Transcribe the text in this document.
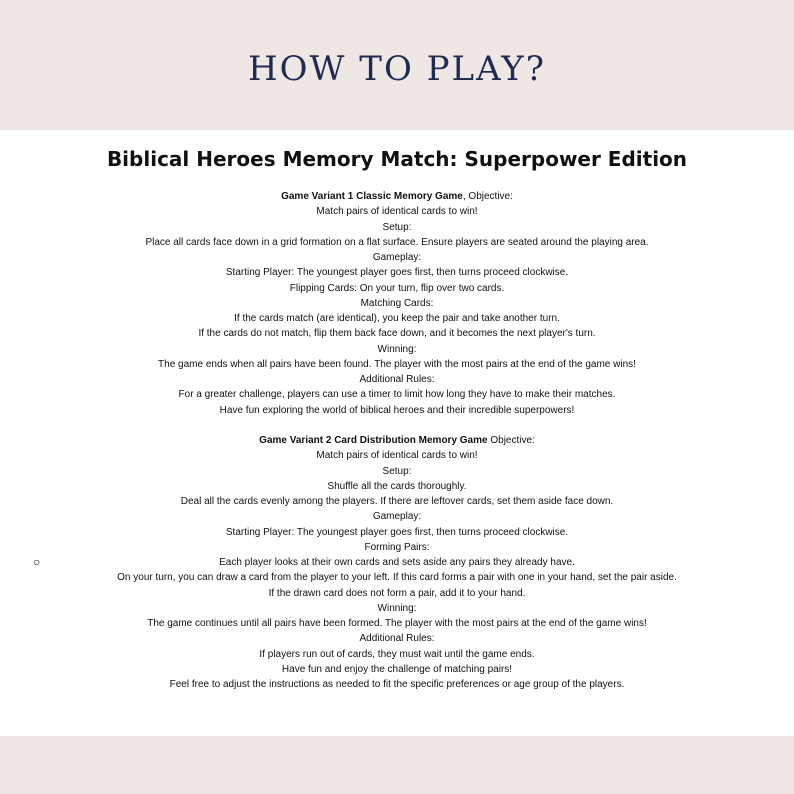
HOW TO PLAY?
Biblical Heroes Memory Match: Superpower Edition
Game Variant 1 Classic Memory Game, Objective:
Match pairs of identical cards to win!
Setup:
Place all cards face down in a grid formation on a flat surface. Ensure players are seated around the playing area.
Gameplay:
Starting Player: The youngest player goes first, then turns proceed clockwise.
Flipping Cards: On your turn, flip over two cards.
Matching Cards:
If the cards match (are identical), you keep the pair and take another turn.
If the cards do not match, flip them back face down, and it becomes the next player's turn.
Winning:
The game ends when all pairs have been found. The player with the most pairs at the end of the game wins!
Additional Rules:
For a greater challenge, players can use a timer to limit how long they have to make their matches.
Have fun exploring the world of biblical heroes and their incredible superpowers!
Game Variant 2 Card Distribution Memory Game Objective:
Match pairs of identical cards to win!
Setup:
Shuffle all the cards thoroughly.
Deal all the cards evenly among the players. If there are leftover cards, set them aside face down.
Gameplay:
Starting Player: The youngest player goes first, then turns proceed clockwise.
Forming Pairs:
○	Each player looks at their own cards and sets aside any pairs they already have.
On your turn, you can draw a card from the player to your left. If this card forms a pair with one in your hand, set the pair aside.
If the drawn card does not form a pair, add it to your hand.
Winning:
The game continues until all pairs have been formed. The player with the most pairs at the end of the game wins!
Additional Rules:
If players run out of cards, they must wait until the game ends.
Have fun and enjoy the challenge of matching pairs!
Feel free to adjust the instructions as needed to fit the specific preferences or age group of the players.
